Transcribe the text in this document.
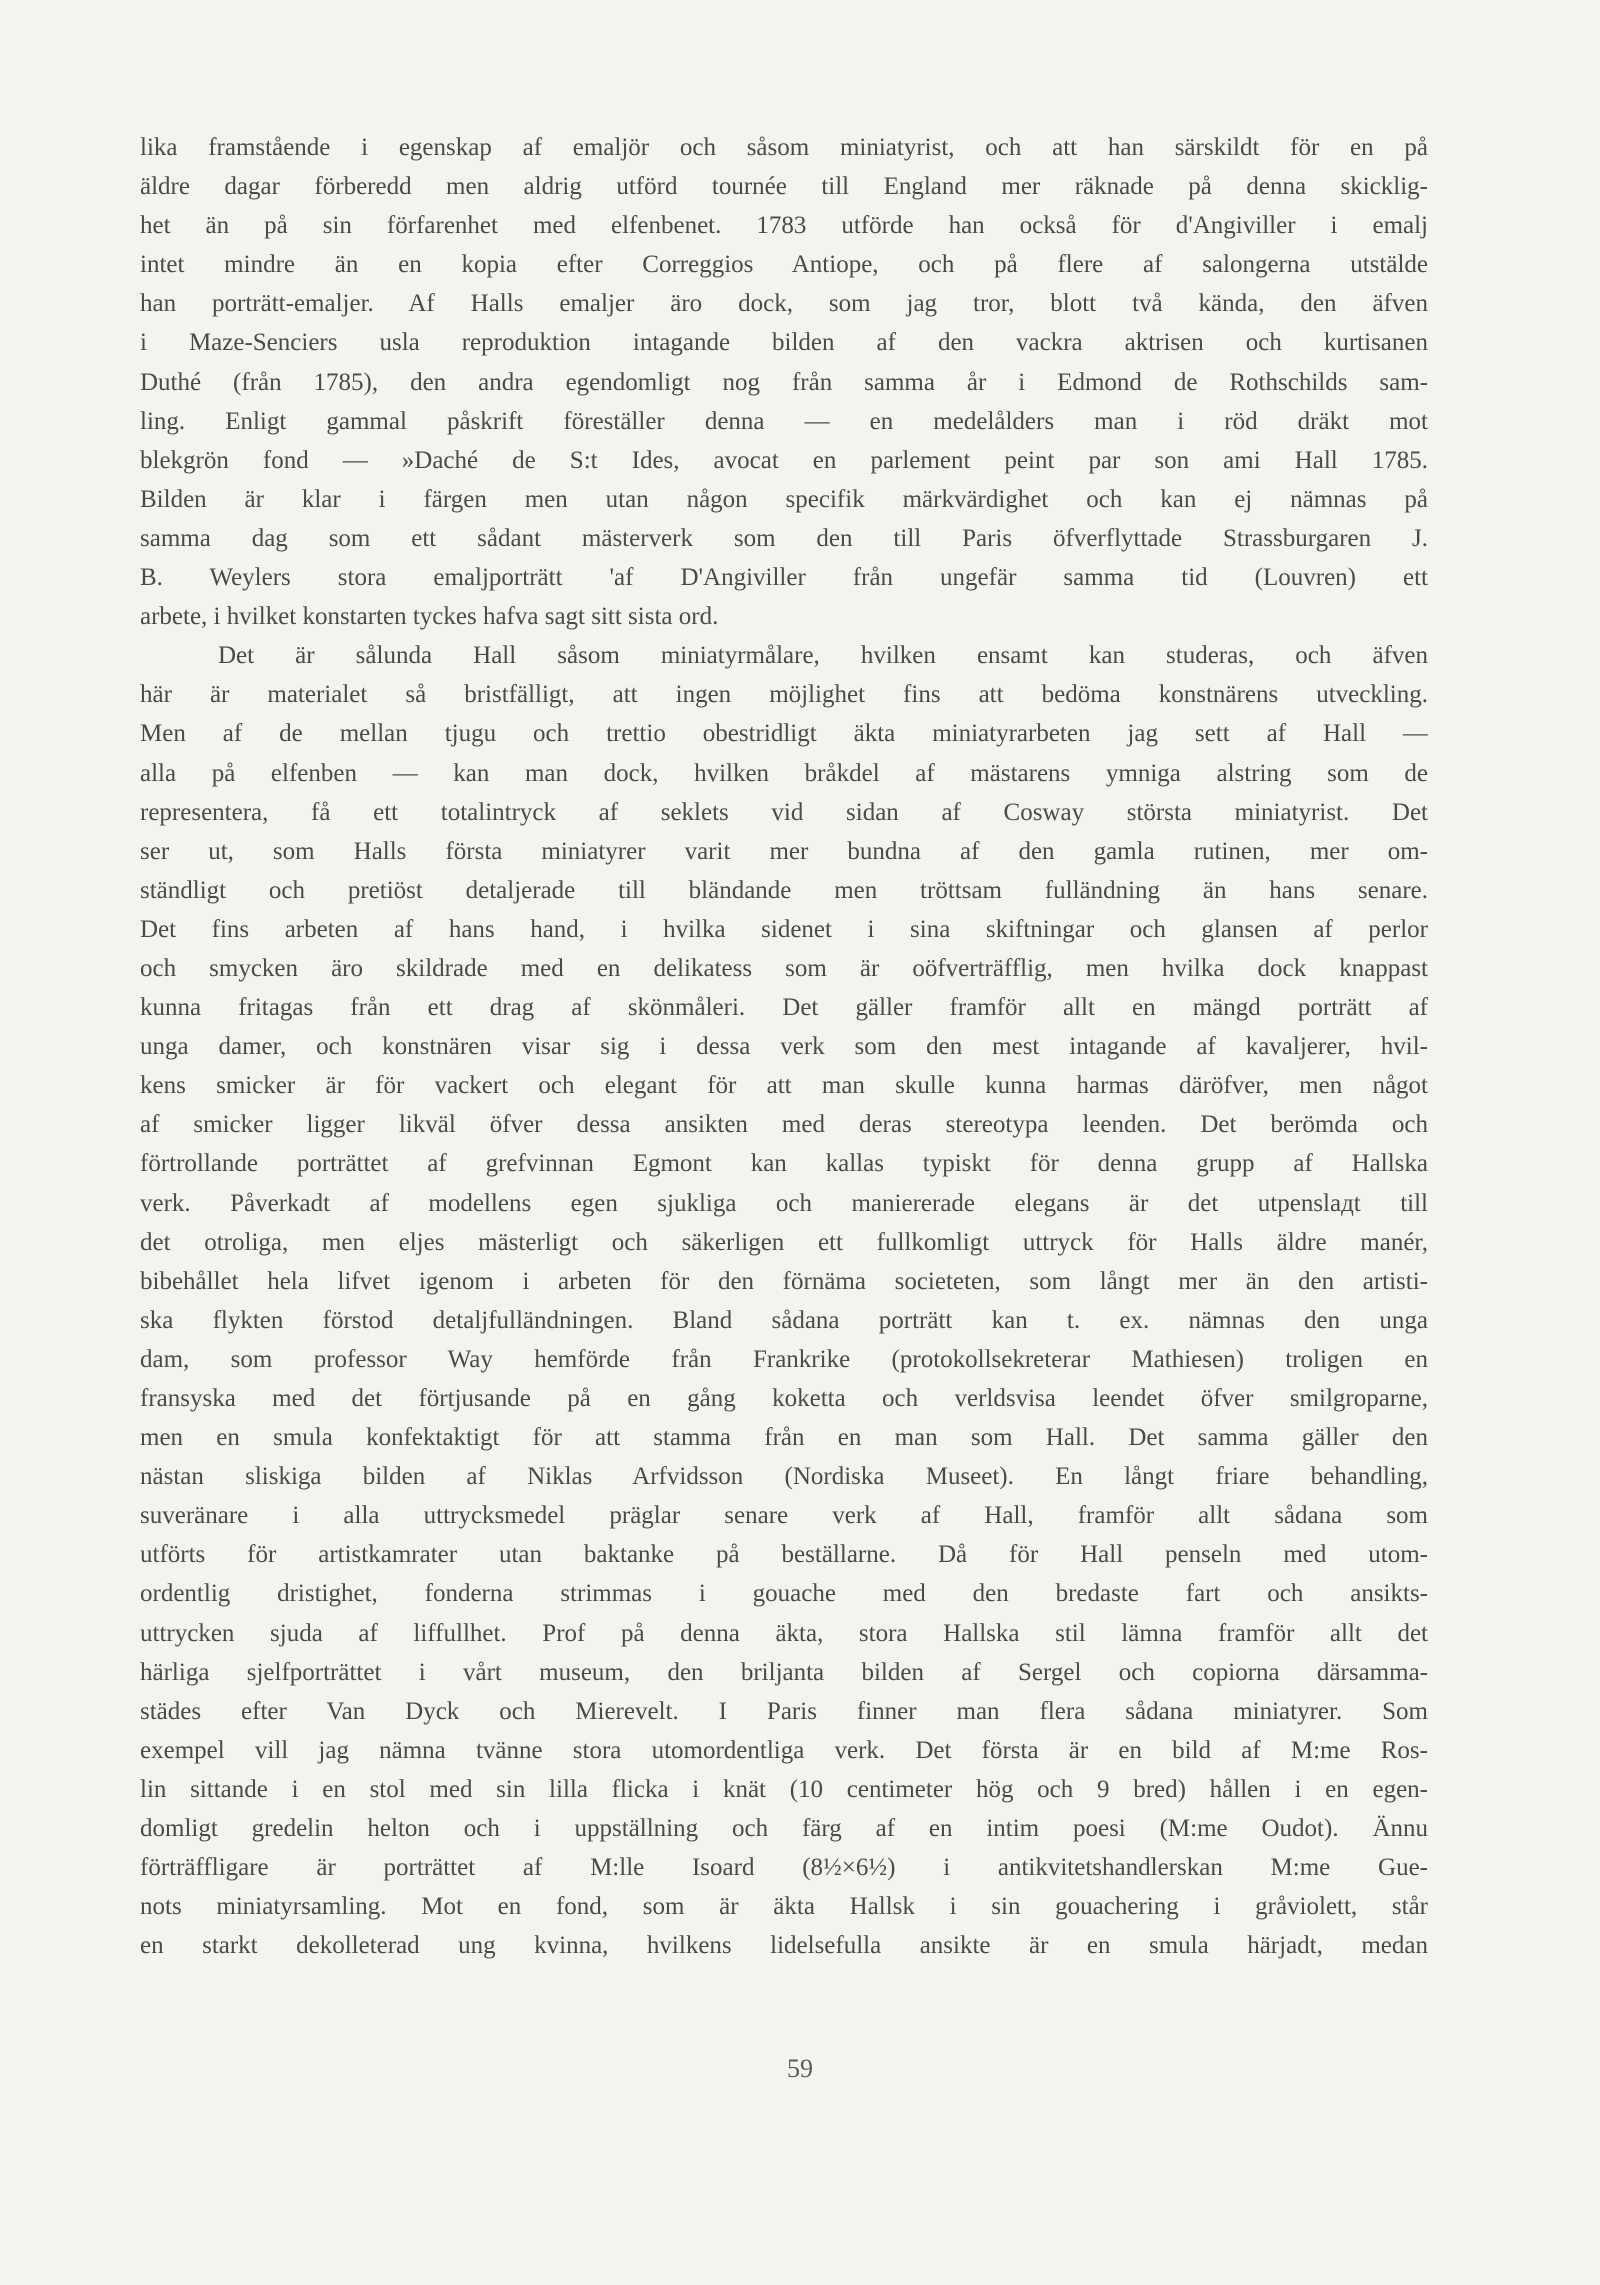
lika framstående i egenskap af emaljör och såsom miniatyrist, och att han särskildt för en på
äldre dagar förberedd men aldrig utförd tournée till England mer räknade på denna skicklig-
het än på sin förfarenhet med elfenbenet. 1783 utförde han också för d'Angiviller i emalj
intet mindre än en kopia efter Correggios Antiope, och på flere af salongerna utstälde
han porträtt-emaljer. Af Halls emaljer äro dock, som jag tror, blott två kända, den äfven
i Maze-Senciers usla reproduktion intagande bilden af den vackra aktrisen och kurtisanen
Duthé (från 1785), den andra egendomligt nog från samma år i Edmond de Rothschilds sam-
ling. Enligt gammal påskrift föreställer denna — en medelålders man i röd dräkt mot
blekgrön fond — »Daché de S:t Ides, avocat en parlement peint par son ami Hall 1785.
Bilden är klar i färgen men utan någon specifik märkvärdighet och kan ej nämnas på
samma dag som ett sådant mästerverk som den till Paris öfverflyttade Strassburgaren J.
B. Weylers stora emaljporträtt 'af D'Angiviller från ungefär samma tid (Louvren) ett
arbete, i hvilket konstarten tyckes hafva sagt sitt sista ord.
Det är sålunda Hall såsom miniatyrmålare, hvilken ensamt kan studeras, och äfven
här är materialet så bristfälligt, att ingen möjlighet fins att bedöma konstnärens utveckling.
Men af de mellan tjugu och trettio obestridligt äkta miniatyrarbeten jag sett af Hall —
alla på elfenben — kan man dock, hvilken bråkdel af mästarens ymniga alstring som de
representera, få ett totalintryck af seklets vid sidan af Cosway största miniatyrist. Det
ser ut, som Halls första miniatyrer varit mer bundna af den gamla rutinen, mer om-
ständligt och pretiöst detaljerade till bländande men tröttsam fulländning än hans senare.
Det fins arbeten af hans hand, i hvilka sidenet i sina skiftningar och glansen af perlor
och smycken äro skildrade med en delikatess som är oöfverträfflig, men hvilka dock knappast
kunna fritagas från ett drag af skönmåleri. Det gäller framför allt en mängd porträtt af
unga damer, och konstnären visar sig i dessa verk som den mest intagande af kavaljerer, hvil-
kens smicker är för vackert och elegant för att man skulle kunna harmas däröfver, men något
af smicker ligger likväl öfver dessa ansikten med deras stereotypa leenden. Det berömda och
förtrollande porträttet af grefvinnan Egmont kan kallas typiskt för denna grupp af Hallska
verk. Påverkadt af modellens egen sjukliga och maniererade elegans är det utpenslадt till
det otroliga, men eljes mästerligt och säkerligen ett fullkomligt uttryck för Halls äldre manér,
bibehållet hela lifvet igenom i arbeten för den förnäma societeten, som långt mer än den artisti-
ska flykten förstod detaljfulländningen. Bland sådana porträtt kan t. ex. nämnas den unga
dam, som professor Way hemförde från Frankrike (protokollsekreterar Mathiesen) troligen en
fransyska med det förtjusande på en gång koketta och verldsvisa leendet öfver smilgroparne,
men en smula konfektaktigt för att stamma från en man som Hall. Det samma gäller den
nästan sliskiga bilden af Niklas Arfvidsson (Nordiska Museet). En långt friare behandling,
suveränare i alla uttrycksmedel präglar senare verk af Hall, framför allt sådana som
utförts för artistkamrater utan baktanke på beställarne. Då för Hall penseln med utom-
ordentlig dristighet, fonderna strimmas i gouache med den bredaste fart och ansikts-
uttrycken sjuda af liffullhet. Prof på denna äkta, stora Hallska stil lämna framför allt det
härliga sjelfporträttet i vårt museum, den briljanta bilden af Sergel och copiorna därsamma-
städes efter Van Dyck och Mierevelt. I Paris finner man flera sådana miniatyrer. Som
exempel vill jag nämna tvänne stora utomordentliga verk. Det första är en bild af M:me Ros-
lin sittande i en stol med sin lilla flicka i knät (10 centimeter hög och 9 bred) hållen i en egen-
domligt gredelin helton och i uppställning och färg af en intim poesi (M:me Oudot). Ännu
förträffligare är porträttet af M:lle Isoard (8½×6½) i antikvitetshandlerskan M:me Gue-
nots miniatyrsamling. Mot en fond, som är äkta Hallsk i sin gouachering i gråviolett, står
en starkt dekolleterad ung kvinna, hvilkens lidelsefulla ansikte är en smula härjadt, medan
59
